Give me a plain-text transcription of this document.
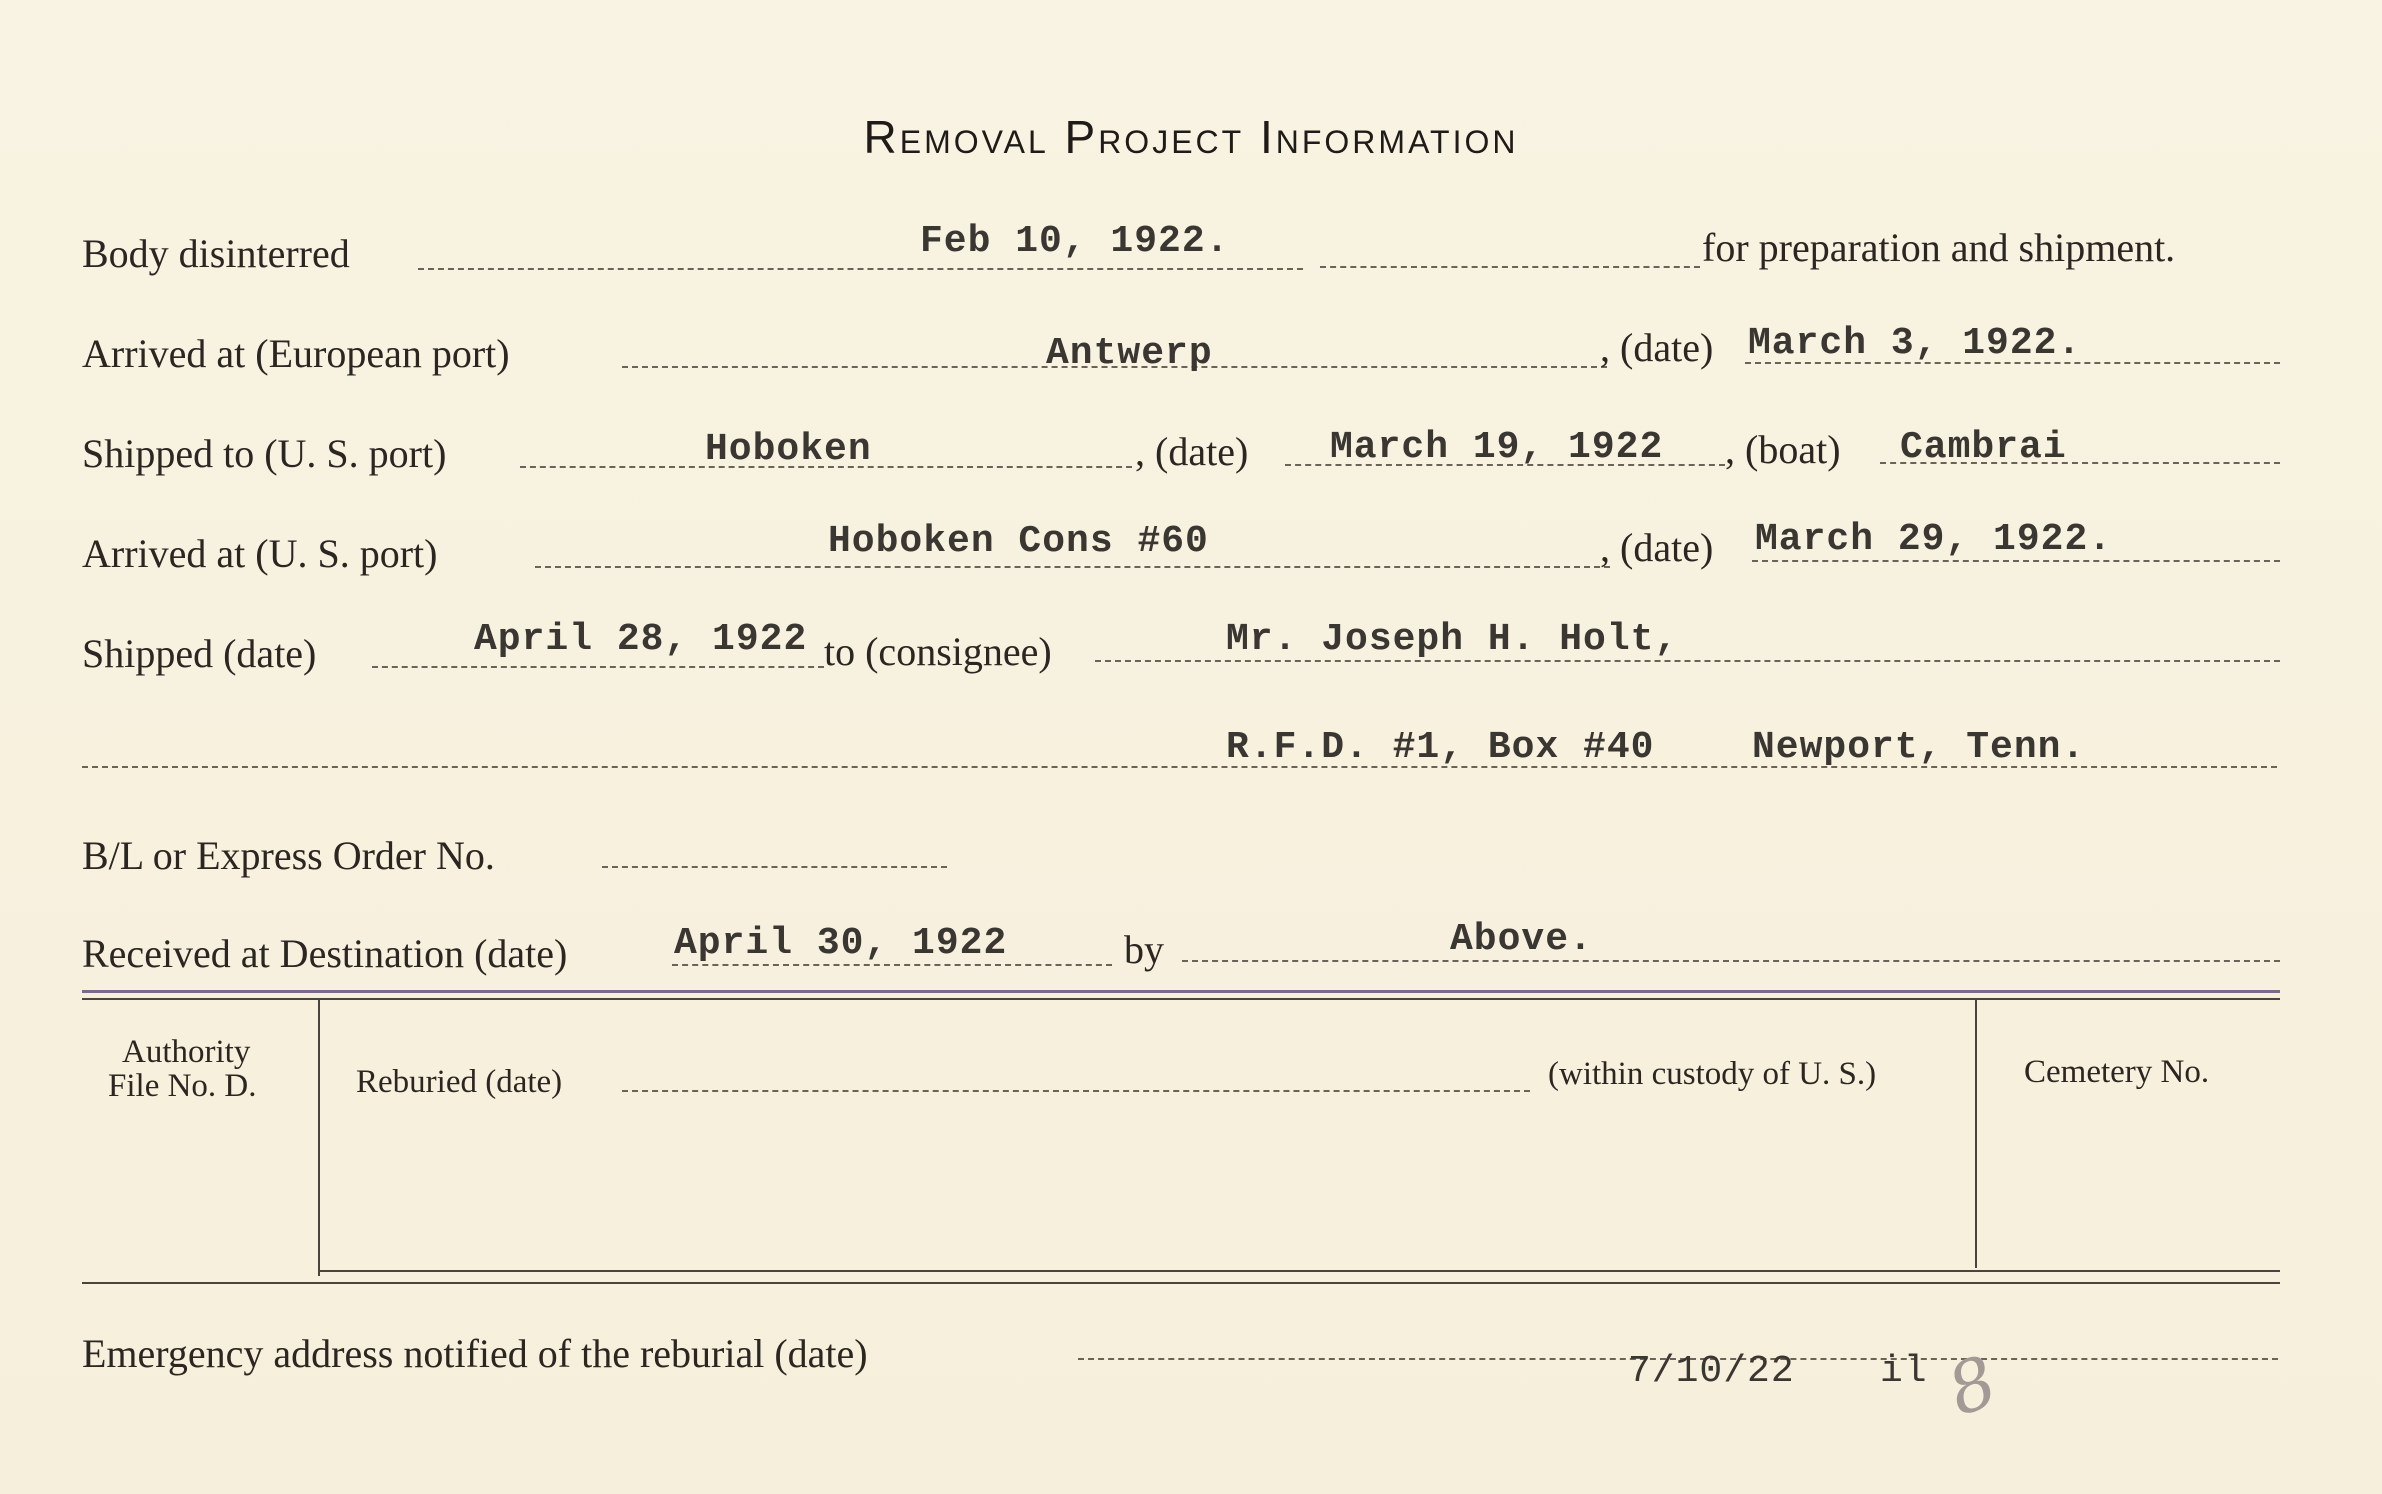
Removal Project Information
Body disinterred	Feb 10, 1922.	for preparation and shipment.
Arrived at (European port)	Antwerp	, (date) March 3, 1922.
Shipped to (U. S. port)	Hoboken	, (date) March 19, 1922 , (boat) Cambrai
Arrived at (U. S. port)	Hoboken Cons #60	, (date) March 29, 1922.
Shipped (date)	April 28, 1922 to (consignee)	Mr. Joseph H. Holt,
R.F.D. #1, Box #40	Newport, Tenn.
B/L or Express Order No.
Received at Destination (date)	April 30, 1922	by	Above.
Authority
File No. D.	Reburied (date)	(within custody of U. S.)	Cemetery No.
Emergency address notified of the reburial (date)	7/10/22 il 8
